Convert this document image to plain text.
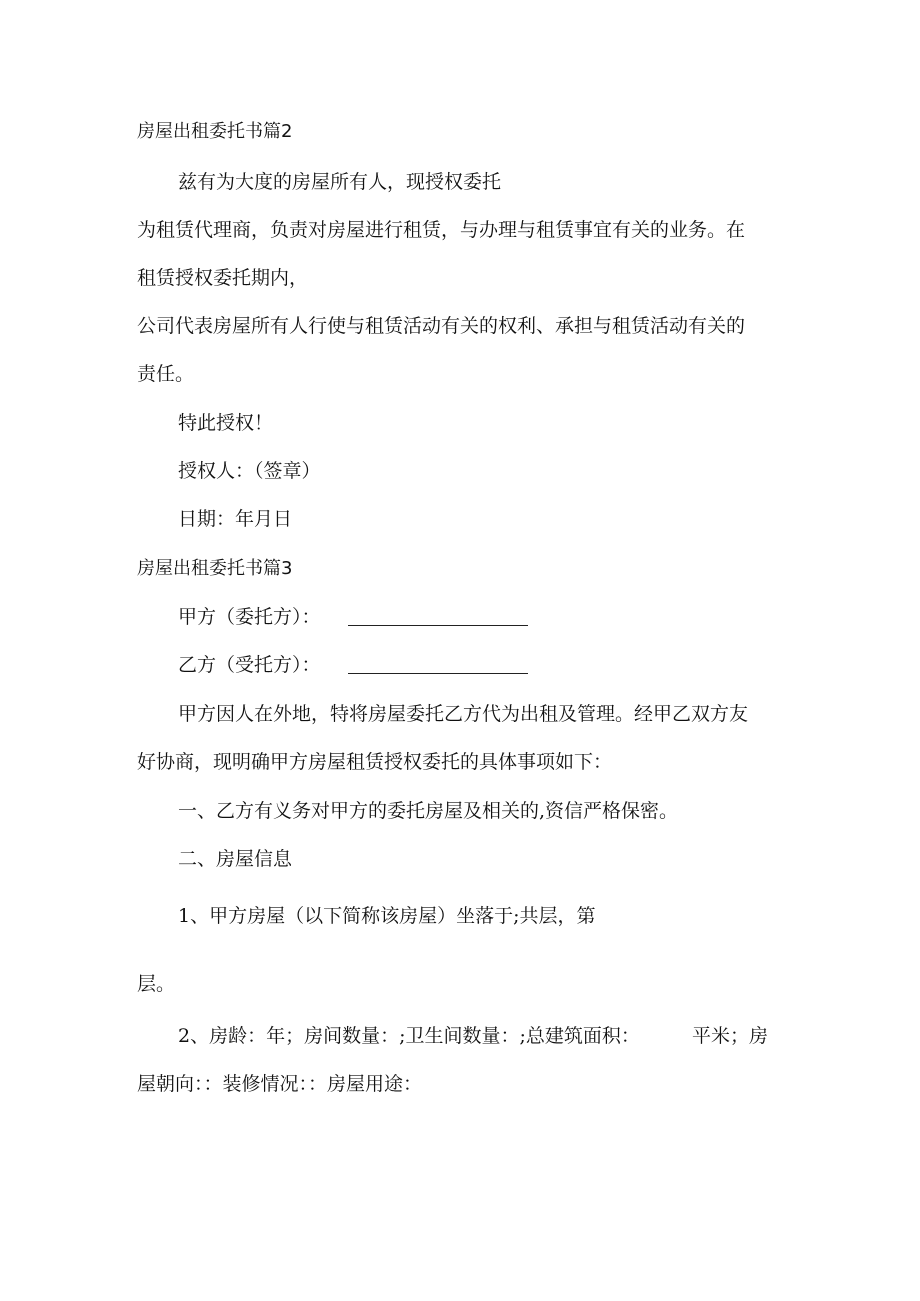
房屋出租委托书篇2
兹有为大度的房屋所有人，现授权委托
为租赁代理商，负责对房屋进行租赁，与办理与租赁事宜有关的业务。在
租赁授权委托期内，
公司代表房屋所有人行使与租赁活动有关的权利、承担与租赁活动有关的
责任。
特此授权！
授权人：（签章）
日期：年月日
房屋出租委托书篇3
甲方（委托方）：
乙方（受托方）：
甲方因人在外地，特将房屋委托乙方代为出租及管理。经甲乙双方友
好协商，现明确甲方房屋租赁授权委托的具体事项如下：
一、乙方有义务对甲方的委托房屋及相关的,资信严格保密。
二、房屋信息
1、甲方房屋（以下简称该房屋）坐落于;共层，第
层。
2、房龄：年；房间数量：;卫生间数量：;总建筑面积：	平米；房
屋朝向：：装修情况：：房屋用途：
